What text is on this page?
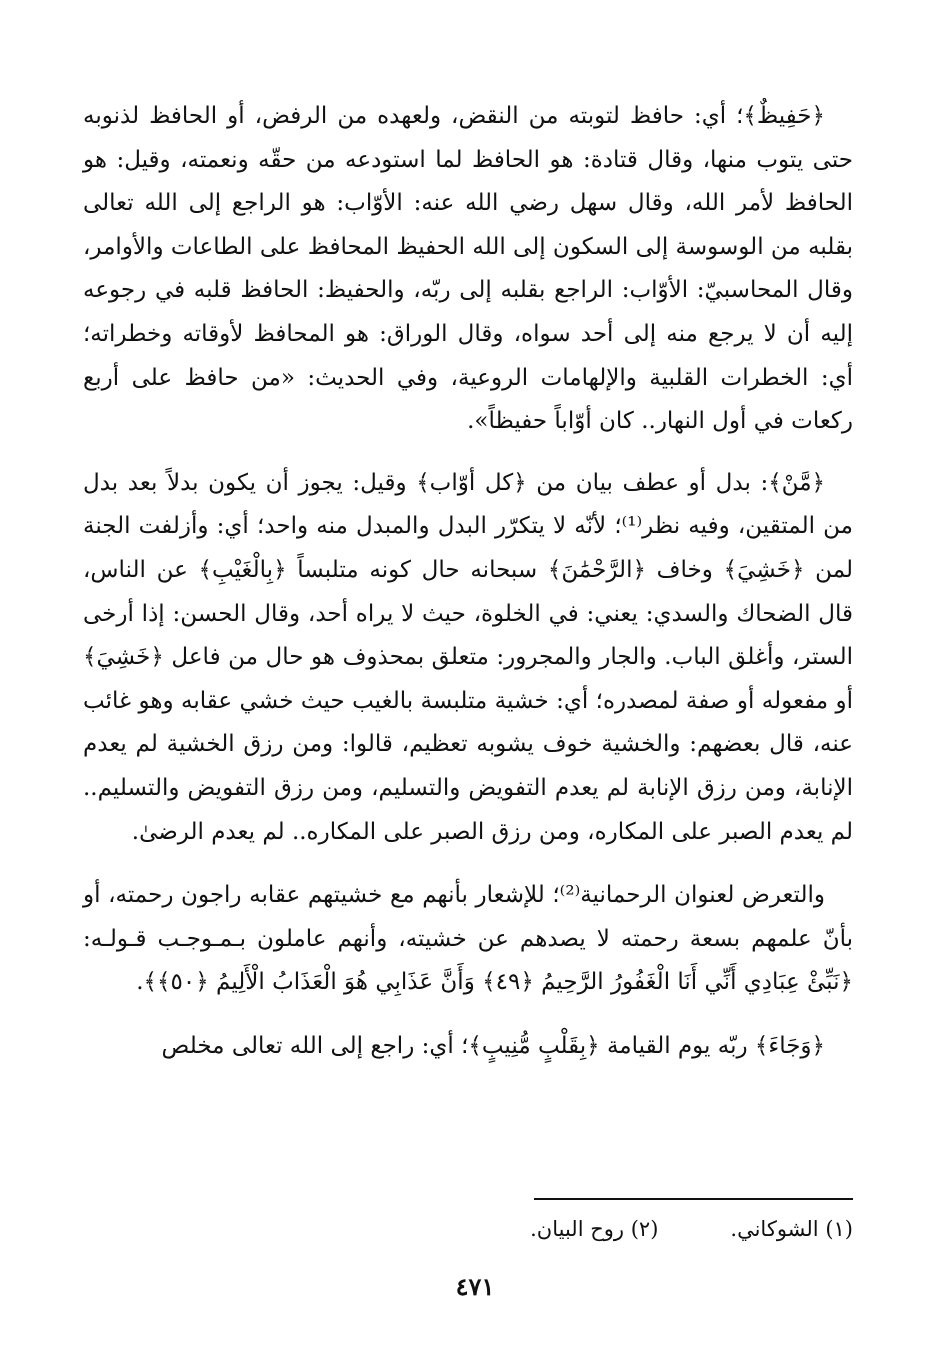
﴿حَفِيظٌ﴾؛ أي: حافظ لتوبته من النقض، ولعهده من الرفض، أو الحافظ لذنوبه حتى يتوب منها، وقال قتادة: هو الحافظ لما استودعه من حقّه ونعمته، وقيل: هو الحافظ لأمر الله، وقال سهل رضي الله عنه: الأوّاب: هو الراجع إلى الله تعالى بقلبه من الوسوسة إلى السكون إلى الله الحفيظ المحافظ على الطاعات والأوامر، وقال المحاسبيّ: الأوّاب: الراجع بقلبه إلى ربّه، والحفيظ: الحافظ قلبه في رجوعه إليه أن لا يرجع منه إلى أحد سواه، وقال الوراق: هو المحافظ لأوقاته وخطراته؛ أي: الخطرات القلبية والإلهامات الروعية، وفي الحديث: «من حافظ على أربع ركعات في أول النهار.. كان أوّاباً حفيظاً».

﴿مَّنْ﴾: بدل أو عطف بيان من ﴿كل أوّاب﴾ وقيل: يجوز أن يكون بدلاً بعد بدل من المتقين، وفيه نظر⁽¹⁾؛ لأنّه لا يتكرّر البدل والمبدل منه واحد؛ أي: وأزلفت الجنة لمن ﴿خَشِيَ﴾ وخاف ﴿الرَّحْمَٰنَ﴾ سبحانه حال كونه متلبساً ﴿بِالْغَيْبِ﴾ عن الناس، قال الضحاك والسدي: يعني: في الخلوة، حيث لا يراه أحد، وقال الحسن: إذا أرخى الستر، وأغلق الباب. والجار والمجرور: متعلق بمحذوف هو حال من فاعل ﴿خَشِيَ﴾ أو مفعوله أو صفة لمصدره؛ أي: خشية متلبسة بالغيب حيث خشي عقابه وهو غائب عنه، قال بعضهم: والخشية خوف يشوبه تعظيم، قالوا: ومن رزق الخشية لم يعدم الإنابة، ومن رزق الإنابة لم يعدم التفويض والتسليم، ومن رزق التفويض والتسليم.. لم يعدم الصبر على المكاره، ومن رزق الصبر على المكاره.. لم يعدم الرضىٰ.

والتعرض لعنوان الرحمانية⁽²⁾؛ للإشعار بأنهم مع خشيتهم عقابه راجون رحمته، أو بأنّ علمهم بسعة رحمته لا يصدهم عن خشيته، وأنهم عاملون بـمـوجـب قـولـه: ﴿نَبِّئْ عِبَادِي أَنِّي أَنَا الْغَفُورُ الرَّحِيمُ ﴿٤٩﴾ وَأَنَّ عَذَابِي هُوَ الْعَذَابُ الْأَلِيمُ ﴿٥٠﴾﴾.

﴿وَجَاءَ﴾ ربّه يوم القيامة ﴿بِقَلْبٍ مُّنِيبٍ﴾؛ أي: راجع إلى الله تعالى مخلص

(١) الشوكاني.
(٢) روح البيان.
٤٧١
